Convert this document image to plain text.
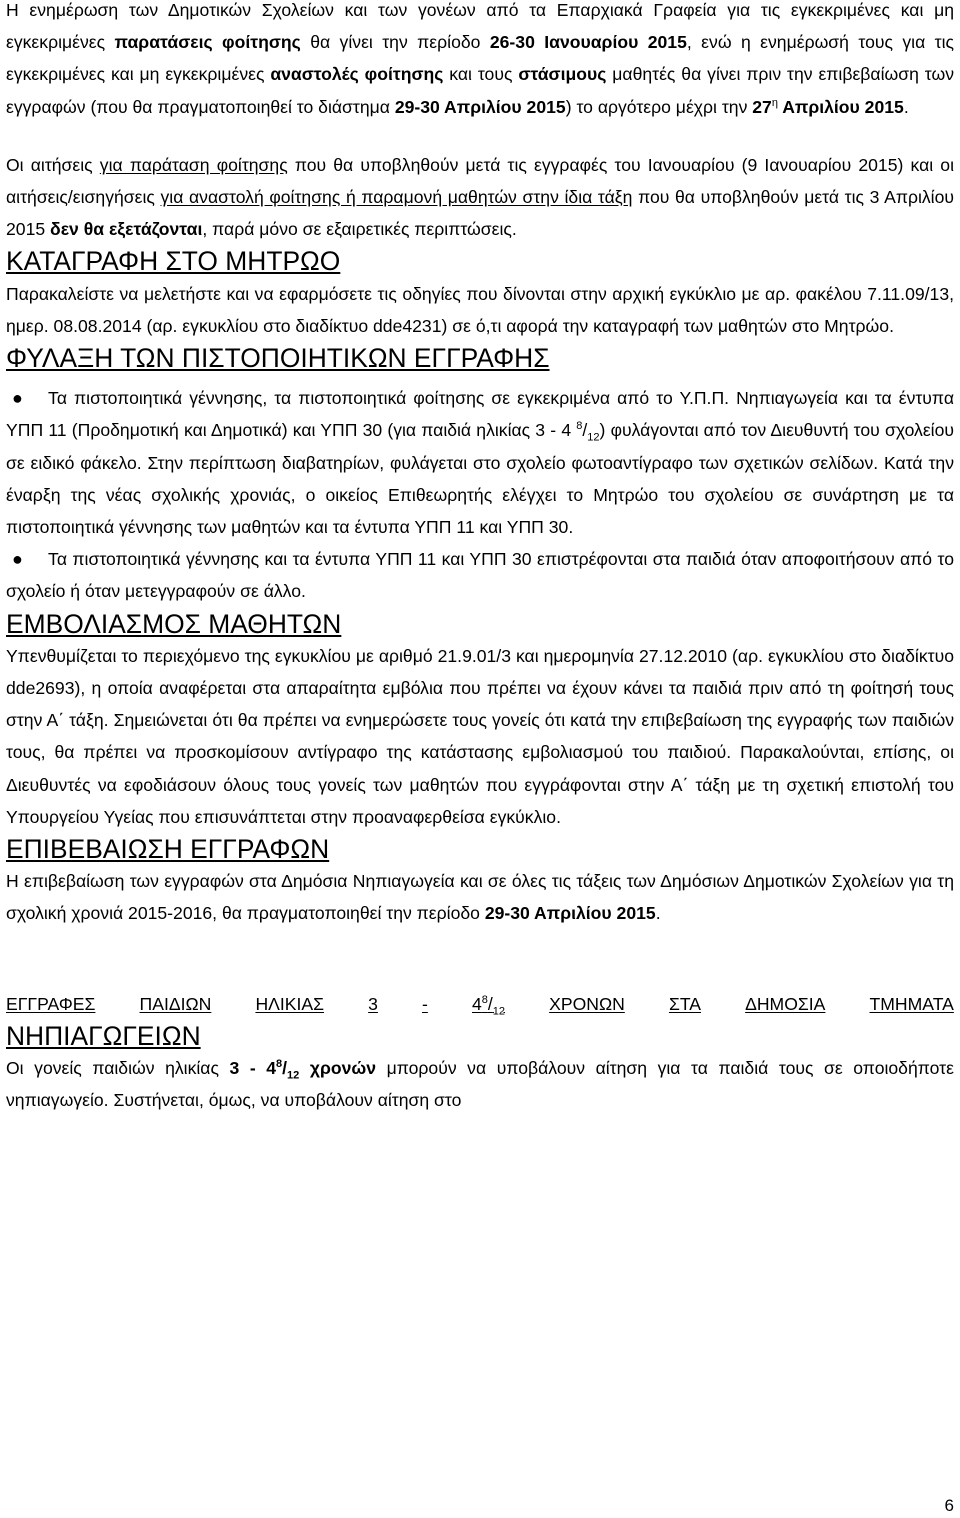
Η ενημέρωση των Δημοτικών Σχολείων και των γονέων από τα Επαρχιακά Γραφεία για τις εγκεκριμένες και μη εγκεκριμένες παρατάσεις φοίτησης θα γίνει την περίοδο 26-30 Ιανουαρίου 2015, ενώ η ενημέρωσή τους για τις εγκεκριμένες και μη εγκεκριμένες αναστολές φοίτησης και τους στάσιμους μαθητές θα γίνει πριν την επιβεβαίωση των εγγραφών (που θα πραγματοποιηθεί το διάστημα 29-30 Απριλίου 2015) το αργότερο μέχρι την $27^\eta$ Απριλίου 2015.

Οι αιτήσεις για παράταση φοίτησης που θα υποβληθούν μετά τις εγγραφές του Ιανουαρίου (9 Ιανουαρίου 2015) και οι αιτήσεις/εισηγήσεις για αναστολή φοίτησης ή παραμονή μαθητών στην ίδια τάξη που θα υποβληθούν μετά τις 3 Απριλίου 2015 δεν θα εξετάζονται, παρά μόνο σε εξαιρετικές περιπτώσεις.

ΚΑΤΑΓΡΑΦΗ ΣΤΟ ΜΗΤΡΩΟ

Παρακαλείστε να μελετήστε και να εφαρμόσετε τις οδηγίες που δίνονται στην αρχική εγκύκλιο με αρ. φακέλου 7.11.09/13, ημερ. 08.08.2014 (αρ. εγκυκλίου στο διαδίκτυο dde4231) σε ό,τι αφορά την καταγραφή των μαθητών στο Μητρώο.

ΦΥΛΑΞΗ ΤΩΝ ΠΙΣΤΟΠΟΙΗΤΙΚΩΝ ΕΓΓΡΑΦΗΣ
● Τα πιστοποιητικά γέννησης, τα πιστοποιητικά φοίτησης σε εγκεκριμένα από το Υ.Π.Π. Νηπιαγωγεία και τα έντυπα ΥΠΠ 11 (Προδημοτική και Δημοτικά) και ΥΠΠ 30 (για παιδιά ηλικίας 3 - 4 $^8/_{12}$) φυλάγονται από τον Διευθυντή του σχολείου σε ειδικό φάκελο. Στην περίπτωση διαβατηρίων, φυλάγεται στο σχολείο φωτοαντίγραφο των σχετικών σελίδων. Κατά την έναρξη της νέας σχολικής χρονιάς, ο οικείος Επιθεωρητής ελέγχει το Μητρώο του σχολείου σε συνάρτηση με τα πιστοποιητικά γέννησης των μαθητών και τα έντυπα ΥΠΠ 11 και ΥΠΠ 30.
● Τα πιστοποιητικά γέννησης και τα έντυπα ΥΠΠ 11 και ΥΠΠ 30 επιστρέφονται στα παιδιά όταν αποφοιτήσουν από το σχολείο ή όταν μετεγγραφούν σε άλλο.
ΕΜΒΟΛΙΑΣΜΟΣ ΜΑΘΗΤΩΝ

Υπενθυμίζεται το περιεχόμενο της εγκυκλίου με αριθμό 21.9.01/3 και ημερομηνία 27.12.2010 (αρ. εγκυκλίου στο διαδίκτυο dde2693), η οποία αναφέρεται στα απαραίτητα εμβόλια που πρέπει να έχουν κάνει τα παιδιά πριν από τη φοίτησή τους στην Α΄ τάξη. Σημειώνεται ότι θα πρέπει να ενημερώσετε τους γονείς ότι κατά την επιβεβαίωση της εγγραφής των παιδιών τους, θα πρέπει να προσκομίσουν αντίγραφο της κατάστασης εμβολιασμού του παιδιού. Παρακαλούνται, επίσης, οι Διευθυντές να εφοδιάσουν όλους τους γονείς των μαθητών που εγγράφονται στην Α΄ τάξη με τη σχετική επιστολή του Υπουργείου Υγείας που επισυνάπτεται στην προαναφερθείσα εγκύκλιο.

ΕΠΙΒΕΒΑΙΩΣΗ ΕΓΓΡΑΦΩΝ

Η επιβεβαίωση των εγγραφών στα Δημόσια Νηπιαγωγεία και σε όλες τις τάξεις των Δημόσιων Δημοτικών Σχολείων για τη σχολική χρονιά 2015-2016, θα πραγματοποιηθεί την περίοδο 29-30 Απριλίου 2015.

ΕΓΓΡΑΦΕΣ	ΠΑΙΔΙΩΝ	ΗΛΙΚΙΑΣ	3	-	$4^8/_{12}$	ΧΡΟΝΩΝ	ΣΤΑ	ΔΗΜΟΣΙΑ	ΤΜΗΜΑΤΑ
ΝΗΠΙΑΓΩΓΕΙΩΝ

Οι γονείς παιδιών ηλικίας $3 - 4^8/_{12}$ χρονών μπορούν να υποβάλουν αίτηση για τα παιδιά τους σε οποιοδήποτε νηπιαγωγείο. Συστήνεται, όμως, να υποβάλουν αίτηση στο

6
